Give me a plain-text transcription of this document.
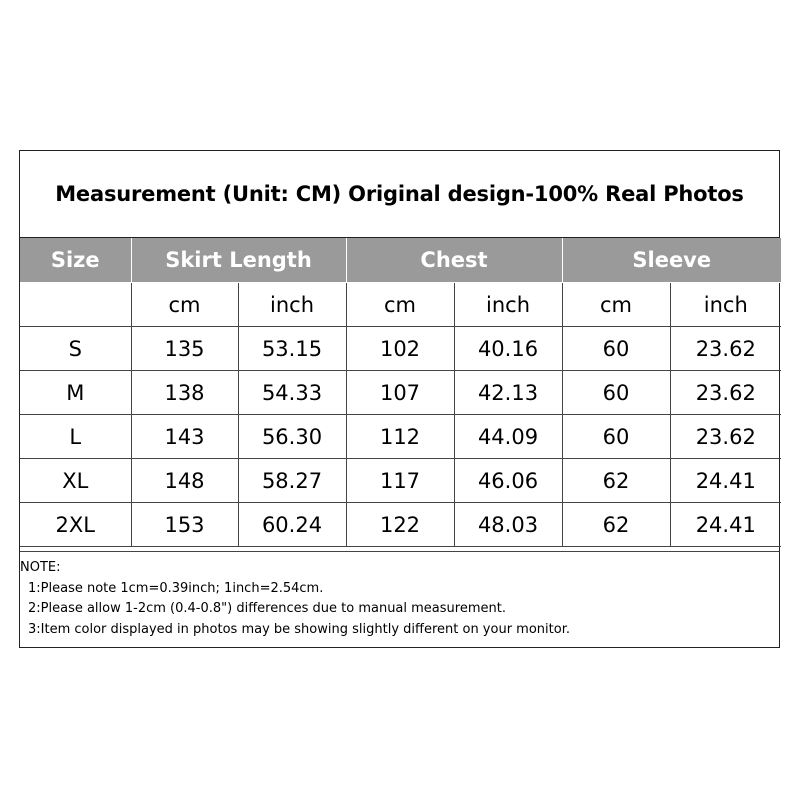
Measurement (Unit: CM) Original design-100% Real Photos
Size	Skirt Length		Chest		Sleeve	
	cm	inch	cm	inch	cm	inch
S	135	53.15	102	40.16	60	23.62
M	138	54.33	107	42.13	60	23.62
L	143	56.30	112	44.09	60	23.62
XL	148	58.27	117	46.06	62	24.41
2XL	153	60.24	122	48.03	62	24.41
NOTE:
1:Please note 1cm=0.39inch; 1inch=2.54cm.
2:Please allow 1-2cm (0.4-0.8") differences due to manual measurement.
3:Item color displayed in photos may be showing slightly different on your monitor.
